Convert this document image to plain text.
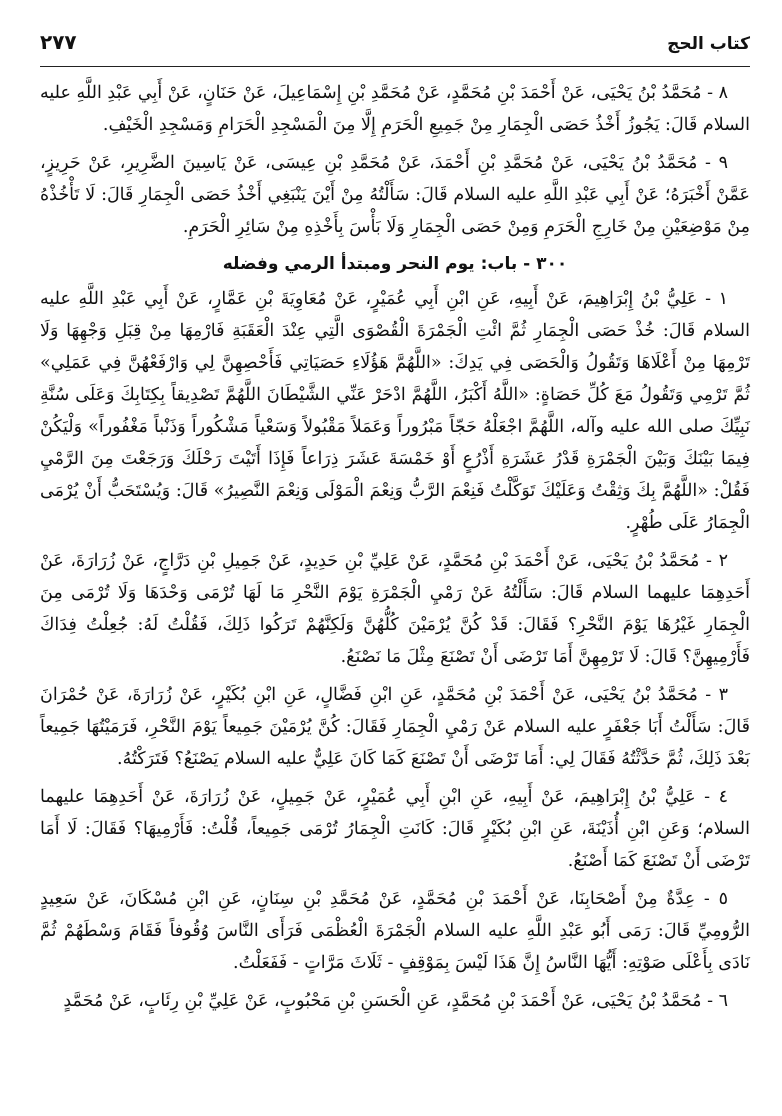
كتاب الحج
٢٧٧

٨ - مُحَمَّدُ بْنُ يَحْيَى، عَنْ أَحْمَدَ بْنِ مُحَمَّدٍ، عَنْ مُحَمَّدِ بْنِ إِسْمَاعِيلَ، عَنْ حَنَانٍ، عَنْ أَبِي عَبْدِ اللَّهِ عليه السلام قَالَ: يَجُوزُ أَخْذُ حَصَى الْجِمَارِ مِنْ جَمِيعِ الْحَرَمِ إِلَّا مِنَ الْمَسْجِدِ الْحَرَامِ وَمَسْجِدِ الْخَيْفِ.

٩ - مُحَمَّدُ بْنُ يَحْيَى، عَنْ مُحَمَّدِ بْنِ أَحْمَدَ، عَنْ مُحَمَّدِ بْنِ عِيسَى، عَنْ يَاسِينَ الضَّرِيرِ، عَنْ حَرِيزٍ، عَمَّنْ أَخْبَرَهُ؛ عَنْ أَبِي عَبْدِ اللَّهِ عليه السلام قَالَ: سَأَلْتُهُ مِنْ أَيْنَ يَنْبَغِي أَخْذُ حَصَى الْجِمَارِ قَالَ: لَا تَأْخُذْهُ مِنْ مَوْضِعَيْنِ مِنْ خَارِجِ الْحَرَمِ وَمِنْ حَصَى الْجِمَارِ وَلَا بَأْسَ بِأَخْذِهِ مِنْ سَائِرِ الْحَرَمِ.

٣٠٠ - باب: يوم النحر ومبتدأ الرمي وفضله

١ - عَلِيُّ بْنُ إِبْرَاهِيمَ، عَنْ أَبِيهِ، عَنِ ابْنِ أَبِي عُمَيْرٍ، عَنْ مُعَاوِيَةَ بْنِ عَمَّارٍ، عَنْ أَبِي عَبْدِ اللَّهِ عليه السلام قَالَ: خُذْ حَصَى الْجِمَارِ ثُمَّ ائْتِ الْجَمْرَةَ الْقُصْوَى الَّتِي عِنْدَ الْعَقَبَةِ فَارْمِهَا مِنْ قِبَلِ وَجْهِهَا وَلَا تَرْمِهَا مِنْ أَعْلَاهَا وَتَقُولُ وَالْحَصَى فِي يَدِكَ: «اللَّهُمَّ هَؤُلَاءِ حَصَيَاتِي فَأَحْصِهِنَّ لِي وَارْفَعْهُنَّ فِي عَمَلِي» ثُمَّ تَرْمِي وَتَقُولُ مَعَ كُلِّ حَصَاةٍ: «اللَّهُ أَكْبَرُ، اللَّهُمَّ ادْحَرْ عَنِّي الشَّيْطَانَ اللَّهُمَّ تَصْدِيقاً بِكِتَابِكَ وَعَلَى سُنَّةِ نَبِيِّكَ صلى الله عليه وآله، اللَّهُمَّ اجْعَلْهُ حَجّاً مَبْرُوراً وَعَمَلاً مَقْبُولاً وَسَعْياً مَشْكُوراً وَذَنْباً مَغْفُوراً» وَلْيَكُنْ فِيمَا بَيْنَكَ وَبَيْنَ الْجَمْرَةِ قَدْرُ عَشَرَةِ أَذْرُعٍ أَوْ خَمْسَةَ عَشَرَ ذِرَاعاً فَإِذَا أَتَيْتَ رَحْلَكَ وَرَجَعْتَ مِنَ الرَّمْيِ فَقُلْ: «اللَّهُمَّ بِكَ وَثِقْتُ وَعَلَيْكَ تَوَكَّلْتُ فَنِعْمَ الرَّبُّ وَنِعْمَ الْمَوْلَى وَنِعْمَ النَّصِيرُ» قَالَ: وَيُسْتَحَبُّ أَنْ يُرْمَى الْجِمَارُ عَلَى طُهْرٍ.

٢ - مُحَمَّدُ بْنُ يَحْيَى، عَنْ أَحْمَدَ بْنِ مُحَمَّدٍ، عَنْ عَلِيِّ بْنِ حَدِيدٍ، عَنْ جَمِيلِ بْنِ دَرَّاجٍ، عَنْ زُرَارَةَ، عَنْ أَحَدِهِمَا عليهما السلام قَالَ: سَأَلْتُهُ عَنْ رَمْيِ الْجَمْرَةِ يَوْمَ النَّحْرِ مَا لَهَا تُرْمَى وَحْدَهَا وَلَا تُرْمَى مِنَ الْجِمَارِ غَيْرُهَا يَوْمَ النَّحْرِ؟ فَقَالَ: قَدْ كُنَّ يُرْمَيْنَ كُلُّهُنَّ وَلَكِنَّهُمْ تَرَكُوا ذَلِكَ، فَقُلْتُ لَهُ: جُعِلْتُ فِدَاكَ فَأَرْمِيهِنَّ؟ قَالَ: لَا تَرْمِهِنَّ أَمَا تَرْضَى أَنْ تَصْنَعَ مِثْلَ مَا نَصْنَعُ.

٣ - مُحَمَّدُ بْنُ يَحْيَى، عَنْ أَحْمَدَ بْنِ مُحَمَّدٍ، عَنِ ابْنِ فَضَّالٍ، عَنِ ابْنِ بُكَيْرٍ، عَنْ زُرَارَةَ، عَنْ حُمْرَانَ قَالَ: سَأَلْتُ أَبَا جَعْفَرٍ عليه السلام عَنْ رَمْيِ الْجِمَارِ فَقَالَ: كُنَّ يُرْمَيْنَ جَمِيعاً يَوْمَ النَّحْرِ، فَرَمَيْتُهَا جَمِيعاً بَعْدَ ذَلِكَ، ثُمَّ حَدَّثْتُهُ فَقَالَ لِي: أَمَا تَرْضَى أَنْ تَصْنَعَ كَمَا كَانَ عَلِيٌّ عليه السلام يَصْنَعُ؟ فَتَرَكْتُهُ.

٤ - عَلِيُّ بْنُ إِبْرَاهِيمَ، عَنْ أَبِيهِ، عَنِ ابْنِ أَبِي عُمَيْرٍ، عَنْ جَمِيلٍ، عَنْ زُرَارَةَ، عَنْ أَحَدِهِمَا عليهما السلام؛ وَعَنِ ابْنِ أُذَيْنَةَ، عَنِ ابْنِ بُكَيْرٍ قَالَ: كَانَتِ الْجِمَارُ تُرْمَى جَمِيعاً، قُلْتُ: فَأَرْمِيهَا؟ فَقَالَ: لَا أَمَا تَرْضَى أَنْ تَصْنَعَ كَمَا أَصْنَعُ.

٥ - عِدَّةٌ مِنْ أَصْحَابِنَا، عَنْ أَحْمَدَ بْنِ مُحَمَّدٍ، عَنْ مُحَمَّدِ بْنِ سِنَانٍ، عَنِ ابْنِ مُسْكَانَ، عَنْ سَعِيدٍ الرُّومِيِّ قَالَ: رَمَى أَبُو عَبْدِ اللَّهِ عليه السلام الْجَمْرَةَ الْعُظْمَى فَرَأَى النَّاسَ وُقُوفاً فَقَامَ وَسْطَهُمْ ثُمَّ نَادَى بِأَعْلَى صَوْتِهِ: أَيُّهَا النَّاسُ إِنَّ هَذَا لَيْسَ بِمَوْقِفٍ - ثَلَاثَ مَرَّاتٍ - فَفَعَلْتُ.

٦ - مُحَمَّدُ بْنُ يَحْيَى، عَنْ أَحْمَدَ بْنِ مُحَمَّدٍ، عَنِ الْحَسَنِ بْنِ مَحْبُوبٍ، عَنْ عَلِيِّ بْنِ رِئَابٍ، عَنْ مُحَمَّدٍ
